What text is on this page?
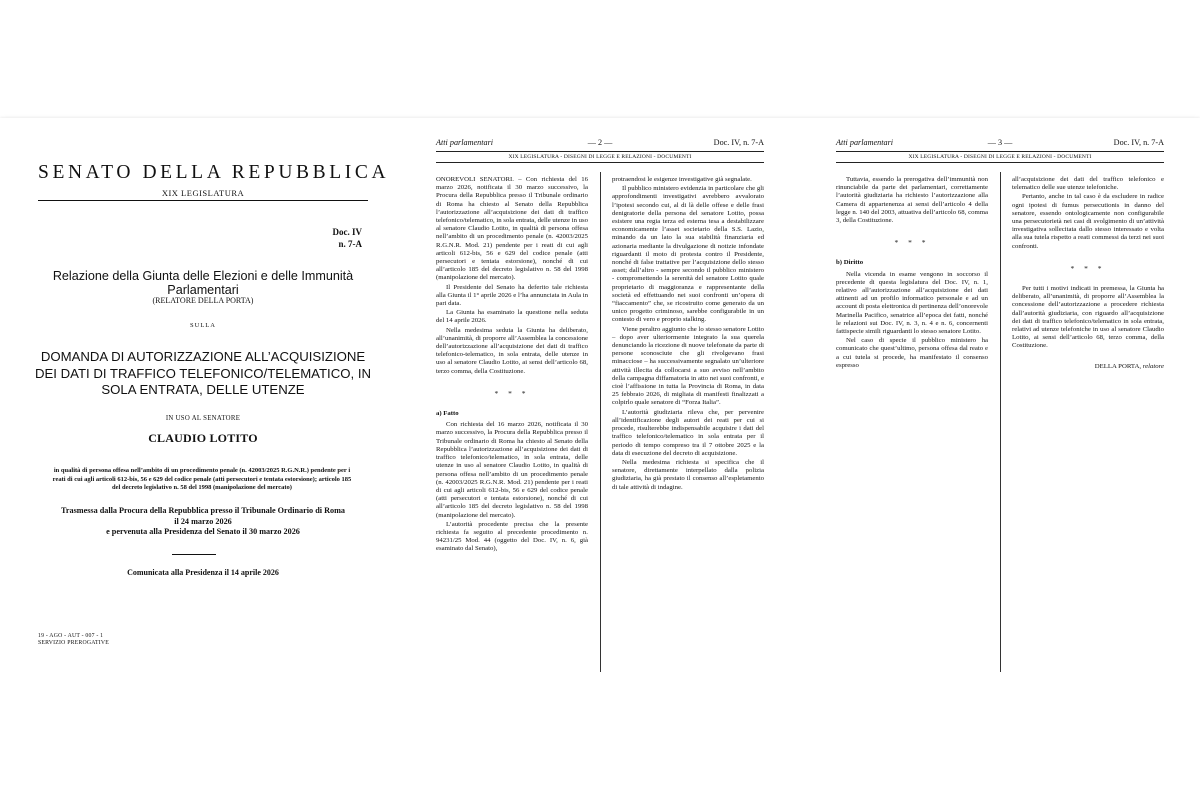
SENATO DELLA REPUBBLICA
XIX LEGISLATURA
Doc. IV
n. 7-A
Relazione della Giunta delle Elezioni e delle Immunità Parlamentari
(RELATORE DELLA PORTA)
SULLA
DOMANDA DI AUTORIZZAZIONE ALL’ACQUISIZIONE DEI DATI DI TRAFFICO TELEFONICO/TELEMATICO, IN SOLA ENTRATA, DELLE UTENZE
IN USO AL SENATORE
CLAUDIO LOTITO
in qualità di persona offesa nell’ambito di un procedimento penale (n. 42003/2025 R.G.N.R.) pendente per i reati di cui agli articoli 612-bis, 56 e 629 del codice penale (atti persecutori e tentata estorsione); articolo 185 del decreto legislativo n. 58 del 1998 (manipolazione del mercato)
Trasmessa dalla Procura della Repubblica presso il Tribunale Ordinario di Roma
il 24 marzo 2026
e pervenuta alla Presidenza del Senato il 30 marzo 2026
Comunicata alla Presidenza il 14 aprile 2026
19 - AGO - AUT - 007 - 1
SERVIZIO PREROGATIVE
Atti parlamentari	— 2 —	Doc. IV, n. 7-A
XIX LEGISLATURA - DISEGNI DI LEGGE E RELAZIONI - DOCUMENTI

ONOREVOLI SENATORI. – Con richiesta del 16 marzo 2026, notificata il 30 marzo successivo, la Procura della Repubblica presso il Tribunale ordinario di Roma ha chiesto al Senato della Repubblica l’autorizzazione all’acquisizione dei dati di traffico telefonico/telematico, in sola entrata, delle utenze in uso al senatore Claudio Lotito, in qualità di persona offesa nell’ambito di un procedimento penale (n. 42003/2025 R.G.N.R. Mod. 21) pendente per i reati di cui agli articoli 612-bis, 56 e 629 del codice penale (atti persecutori e tentata estorsione), nonché di cui all’articolo 185 del decreto legislativo n. 58 del 1998 (manipolazione del mercato).

Il Presidente del Senato ha deferito tale richiesta alla Giunta il 1° aprile 2026 e l’ha annunciata in Aula in pari data.

La Giunta ha esaminato la questione nella seduta del 14 aprile 2026.

Nella medesima seduta la Giunta ha deliberato, all’unanimità, di proporre all’Assemblea la concessione dell’autorizzazione all’acquisizione dei dati di traffico telefonico-telematico, in sola entrata, delle utenze in uso al senatore Claudio Lotito, ai sensi dell’articolo 68, terzo comma, della Costituzione.

* * *

a) Fatto

Con richiesta del 16 marzo 2026, notificata il 30 marzo successivo, la Procura della Repubblica presso il Tribunale ordinario di Roma ha chiesto al Senato della Repubblica l’autorizzazione all’acquisizione dei dati di traffico telefonico/telematico, in sola entrata, delle utenze in uso al senatore Claudio Lotito, in qualità di persona offesa nell’ambito di un procedimento penale (n. 42003/2025 R.G.N.R. Mod. 21) pendente per i reati di cui agli articoli 612-bis, 56 e 629 del codice penale (atti persecutori e tentata estorsione), nonché di cui all’articolo 185 del decreto legislativo n. 58 del 1998 (manipolazione del mercato).

L’autorità procedente precisa che la presente richiesta fa seguito al precedente procedimento n. 94231/25 Mod. 44 (oggetto del Doc. IV, n. 6, già esaminato dal Senato),

protraendosi le esigenze investigative già segnalate.

Il pubblico ministero evidenzia in particolare che gli approfondimenti investigativi avrebbero avvalorato l’ipotesi secondo cui, al di là delle offese e delle frasi denigratorie della persona del senatore Lotito, possa esistere una regia terza ed esterna tesa a destabilizzare economicamente l’asset societario della S.S. Lazio, minando da un lato la sua stabilità finanziaria ed azionaria mediante la divulgazione di notizie infondate riguardanti il moto di protesta contro il Presidente, nonché di false trattative per l’acquisizione dello stesso asset; dall’altro - sempre secondo il pubblico ministero - compromettendo la serenità del senatore Lotito quale proprietario di maggioranza e rappresentante della società ed effettuando nei suoi confronti un’opera di “fiaccamento” che, se ricostruito come generato da un unico progetto criminoso, sarebbe configurabile in un contesto di vero e proprio stalking.

Viene peraltro aggiunto che lo stesso senatore Lotito – dopo aver ulteriormente integrato la sua querela denunciando la ricezione di nuove telefonate da parte di persone sconosciute che gli rivolgevano frasi minacciose – ha successivamente segnalato un’ulteriore attività illecita da collocarsi a suo avviso nell’ambito della campagna diffamatoria in atto nei suoi confronti, e cioè l’affissione in tutta la Provincia di Roma, in data 25 febbraio 2026, di migliaia di manifesti finalizzati a colpirlo quale senatore di “Forza Italia”.

L’autorità giudiziaria rileva che, per pervenire all’identificazione degli autori dei reati per cui si procede, risulterebbe indispensabile acquisire i dati del traffico telefonico/telematico in sola entrata per il periodo di tempo compreso tra il 7 ottobre 2025 e la data di esecuzione del decreto di acquisizione.

Nella medesima richiesta si specifica che il senatore, direttamente interpellato dalla polizia giudiziaria, ha già prestato il consenso all’espletamento di tale attività di indagine.

Atti parlamentari	— 3 —	Doc. IV, n. 7-A
XIX LEGISLATURA - DISEGNI DI LEGGE E RELAZIONI - DOCUMENTI

Tuttavia, essendo la prerogativa dell’immunità non rinunciabile da parte dei parlamentari, correttamente l’autorità giudiziaria ha richiesto l’autorizzazione alla Camera di appartenenza ai sensi dell’articolo 4 della legge n. 140 del 2003, attuativa dell’articolo 68, comma 3, della Costituzione.

* * *

b) Diritto

Nella vicenda in esame vengono in soccorso il precedente di questa legislatura del Doc. IV, n. 1, relativo all’autorizzazione all’acquisizione dei dati attinenti ad un profilo informatico personale e ad un account di posta elettronica di pertinenza dell’onorevole Marinella Pacifico, senatrice all’epoca dei fatti, nonché le relazioni sui Doc. IV, n. 3, n. 4 e n. 6, concernenti fattispecie simili riguardanti lo stesso senatore Lotito.

Nel caso di specie il pubblico ministero ha comunicato che quest’ultimo, persona offesa dal reato e a cui tutela si procede, ha manifestato il consenso espresso

all’acquisizione dei dati del traffico telefonico e telematico delle sue utenze telefoniche.

Pertanto, anche in tal caso è da escludere in radice ogni ipotesi di fumus persecutionis in danno del senatore, essendo ontologicamente non configurabile una persecutorietà nei casi di svolgimento di un’attività investigativa sollecitata dallo stesso interessato e volta alla sua tutela rispetto a reati commessi da terzi nei suoi confronti.

* * *

Per tutti i motivi indicati in premessa, la Giunta ha deliberato, all’unanimità, di proporre all’Assemblea la concessione dell’autorizzazione a procedere richiesta dall’autorità giudiziaria, con riguardo all’acquisizione dei dati di traffico telefonico/telematico in sola entrata, relativi ad utenze telefoniche in uso al senatore Claudio Lotito, ai sensi dell’articolo 68, terzo comma, della Costituzione.

DELLA PORTA, relatore
